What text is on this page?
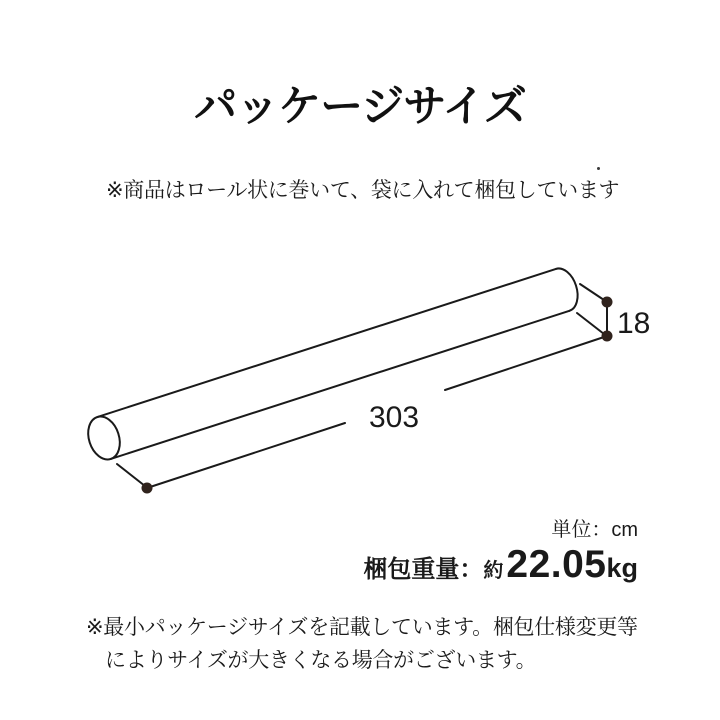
パッケージサイズ
※商品はロール状に巻いて、袋に入れて梱包しています
303
18
単位：cm
梱包重量： 約 22.05 kg
※最小パッケージサイズを記載しています。梱包仕様変更等
によりサイズが大きくなる場合がございます。
